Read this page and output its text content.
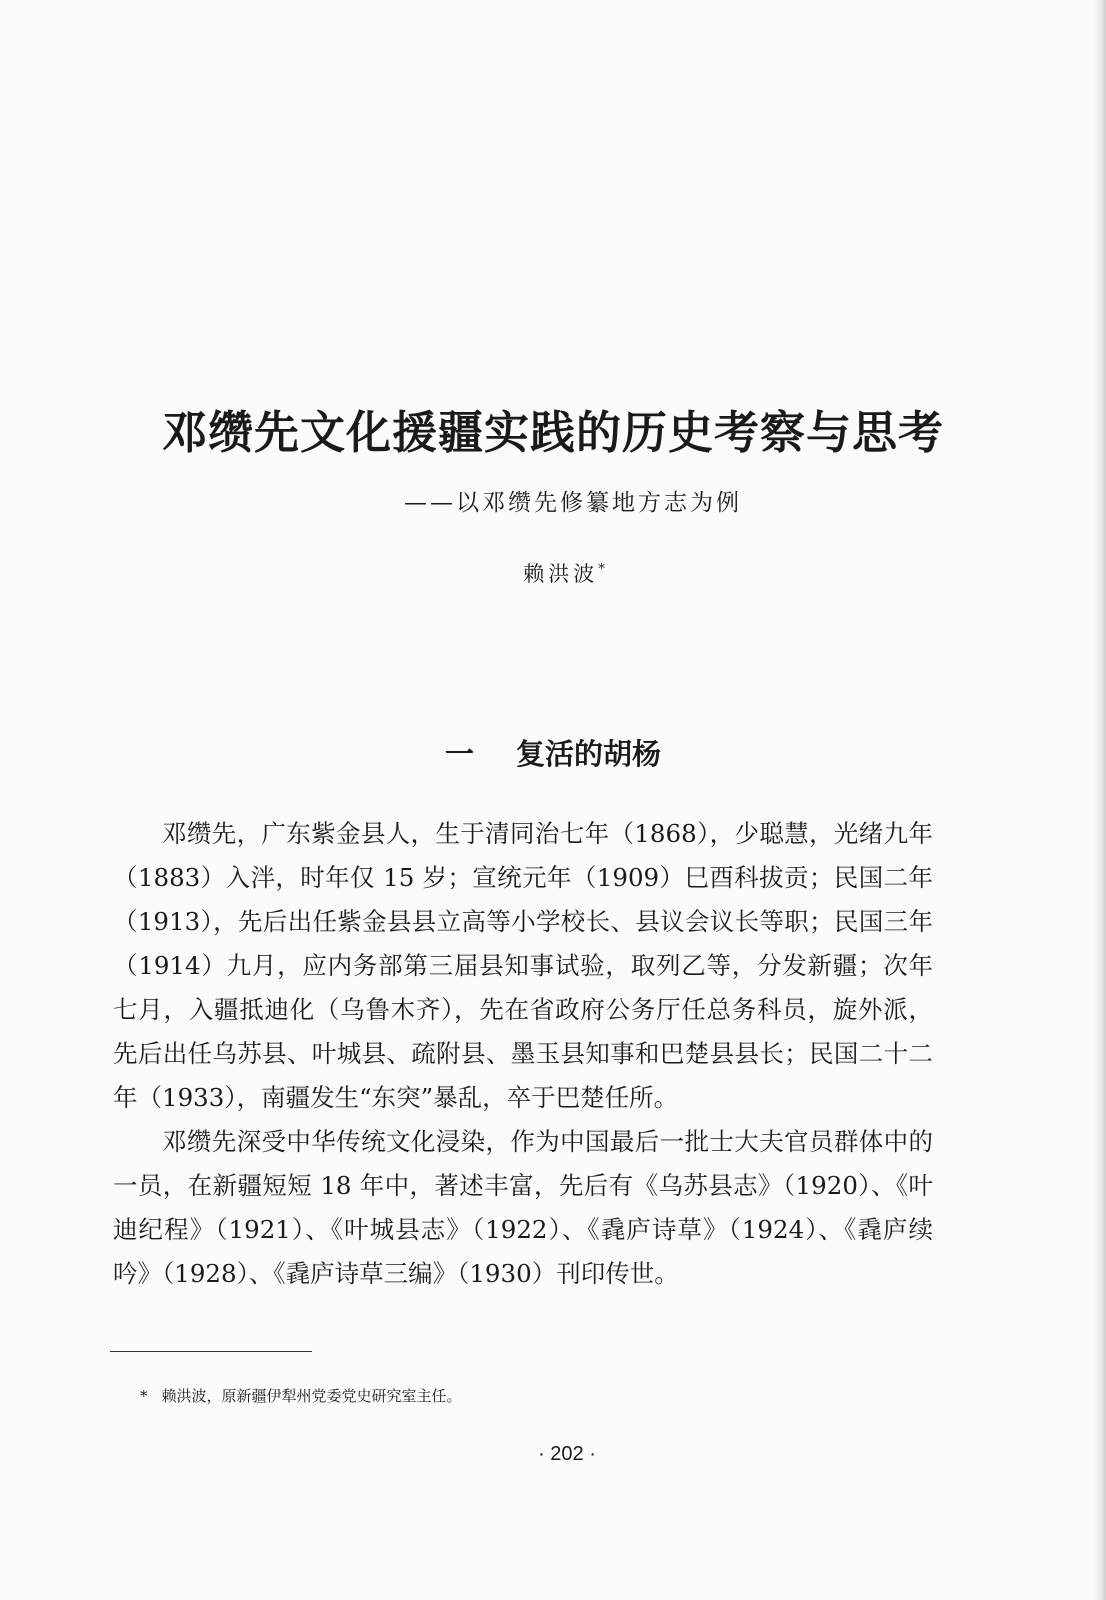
邓缵先文化援疆实践的历史考察与思考
——以邓缵先修纂地方志为例
赖洪波*
一 复活的胡杨

邓缵先，广东紫金县人，生于清同治七年（1868），少聪慧，光绪九年（1883）入泮，时年仅 15 岁；宣统元年（1909）巳酉科拔贡；民国二年（1913），先后出任紫金县县立高等小学校长、县议会议长等职；民国三年（1914）九月，应内务部第三届县知事试验，取列乙等，分发新疆；次年七月，入疆抵迪化（乌鲁木齐），先在省政府公务厅任总务科员，旋外派，先后出任乌苏县、叶城县、疏附县、墨玉县知事和巴楚县县长；民国二十二年（1933），南疆发生“东突”暴乱，卒于巴楚任所。

邓缵先深受中华传统文化浸染，作为中国最后一批士大夫官员群体中的一员，在新疆短短 18 年中，著述丰富，先后有《乌苏县志》（1920）、《叶迪纪程》（1921）、《叶城县志》（1922）、《毳庐诗草》（1924）、《毳庐续吟》（1928）、《毳庐诗草三编》（1930）刊印传世。

* 赖洪波，原新疆伊犁州党委党史研究室主任。
· 202 ·
